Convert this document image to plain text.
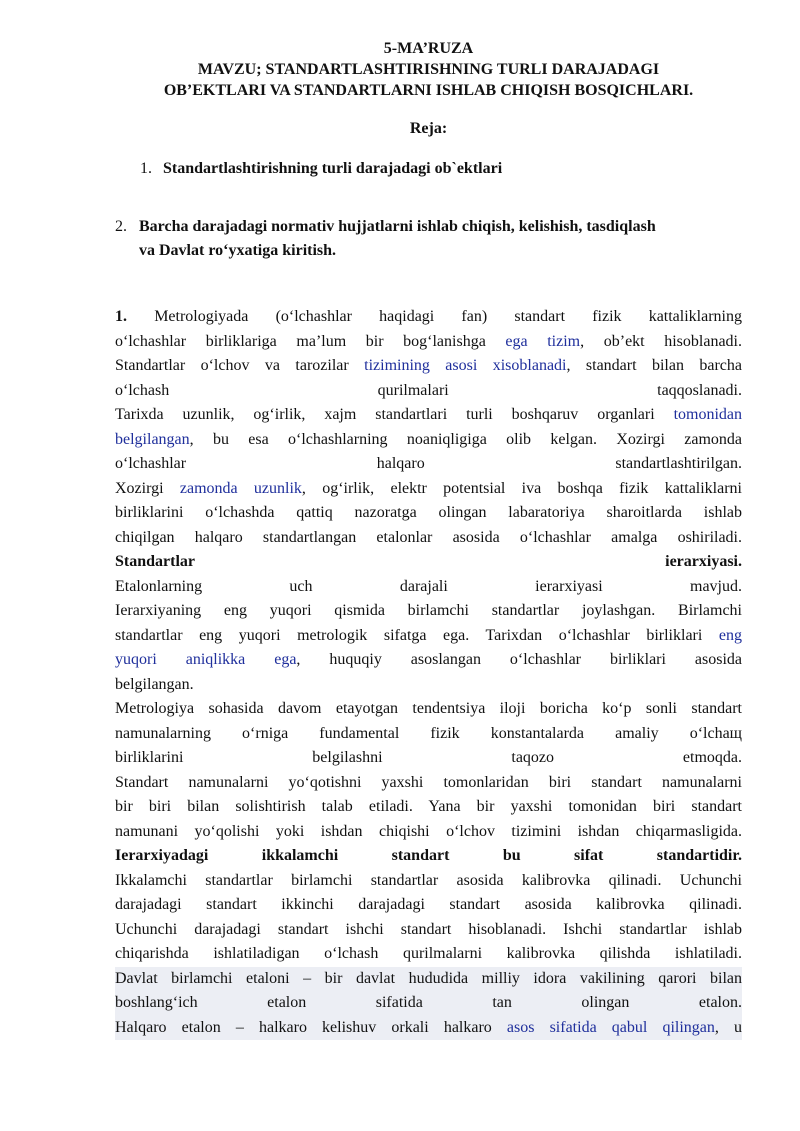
5-MA’RUZA

MAVZU; STANDARTLASHTIRISHNING TURLI DARAJADAGI

OB’EKTLARI VA STANDARTLARNI ISHLAB CHIQISH BOSQICHLARI.

Reja:

1. Standartlashtirishning turli darajadagi ob`ektlari
2. Barcha darajadagi normativ hujjatlarni ishlab chiqish, kelishish, tasdiqlash va Davlat ro‘yxatiga kiritish.
1. Metrologiyada (o‘lchashlar haqidagi fan) standart fizik kattaliklarning
o‘lchashlar birliklariga ma’lum bir bog‘lanishga ega tizim, ob’ekt hisoblanadi.
Standartlar o‘lchov va tarozilar tizimining asosi xisoblanadi, standart bilan barcha
o‘lchash qurilmalari taqqoslanadi.
Tarixda uzunlik, og‘irlik, xajm standartlari turli boshqaruv organlari tomonidan
belgilangan, bu esa o‘lchashlarning noaniqligiga olib kelgan. Xozirgi zamonda
o‘lchashlar halqaro standartlashtirilgan.
Xozirgi zamonda uzunlik, og‘irlik, elektr potentsial iva boshqa fizik kattaliklarni
birliklarini o‘lchashda qattiq nazoratga olingan labaratoriya sharoitlarda ishlab
chiqilgan halqaro standartlangan etalonlar asosida o‘lchashlar amalga oshiriladi.
Standartlar ierarxiyasi.
Etalonlarning uch darajali ierarxiyasi mavjud.
Ierarxiyaning eng yuqori qismida birlamchi standartlar joylashgan. Birlamchi
standartlar eng yuqori metrologik sifatga ega. Tarixdan o‘lchashlar birliklari eng
yuqori aniqlikka ega, huquqiy asoslangan o‘lchashlar birliklari asosida
belgilangan.
Metrologiya sohasida davom etayotgan tendentsiya iloji boricha ko‘p sonli standart
namunalarning o‘rniga fundamental fizik konstantalarda amaliy o‘lchaщ
birliklarini belgilashni taqozo etmoqda.
Standart namunalarni yo‘qotishni yaxshi tomonlaridan biri standart namunalarni
bir biri bilan solishtirish talab etiladi. Yana bir yaxshi tomonidan biri standart
namunani yo‘qolishi yoki ishdan chiqishi o‘lchov tizimini ishdan chiqarmasligida.
Ierarxiyadagi ikkalamchi standart bu sifat standartidir.
Ikkalamchi standartlar birlamchi standartlar asosida kalibrovka qilinadi. Uchunchi
darajadagi standart ikkinchi darajadagi standart asosida kalibrovka qilinadi.
Uchunchi darajadagi standart ishchi standart hisoblanadi. Ishchi standartlar ishlab
chiqarishda ishlatiladigan o‘lchash qurilmalarni kalibrovka qilishda ishlatiladi.
Davlat birlamchi etaloni – bir davlat hududida milliy idora vakilining qarori bilan
boshlang‘ich etalon sifatida tan olingan etalon.
Halqaro etalon – halkaro kelishuv orkali halkaro asos sifatida qabul qilingan, u
